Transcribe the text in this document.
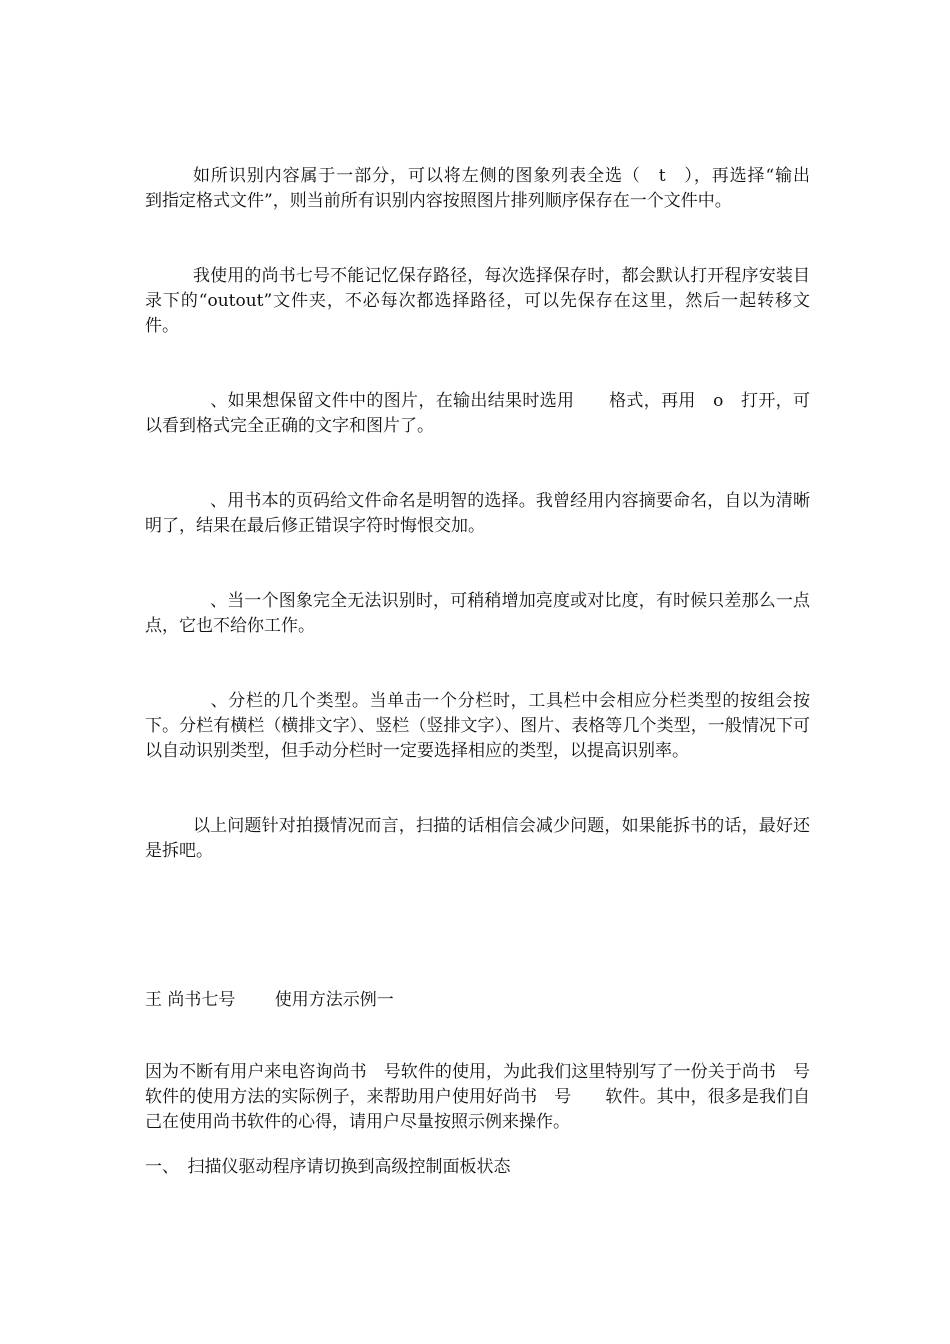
如所识别内容属于一部分，可以将左侧的图象列表全选（　t　），再选择“输出　到指定格式文件”，则当前所有识别内容按照图片排列顺序保存在一个文件中。

我使用的尚书七号不能记忆保存路径，每次选择保存时，都会默认打开程序安装目录下的“outout”文件夹，不必每次都选择路径，可以先保存在这里，然后一起转移文件。

　、如果想保留文件中的图片，在输出结果时选用　　格式，再用　o　打开，可以看到格式完全正确的文字和图片了。

　、用书本的页码给文件命名是明智的选择。我曾经用内容摘要命名，自以为清晰明了，结果在最后修正错误字符时悔恨交加。

　、当一个图象完全无法识别时，可稍稍增加亮度或对比度，有时候只差那么一点点，它也不给你工作。

　、分栏的几个类型。当单击一个分栏时，工具栏中会相应分栏类型的按组会按下。分栏有横栏（横排文字）、竖栏（竖排文字）、图片、表格等几个类型，一般情况下可以自动识别类型，但手动分栏时一定要选择相应的类型，以提高识别率。

以上问题针对拍摄情况而言，扫描的话相信会减少问题，如果能拆书的话，最好还是拆吧。

王 尚书七号　　 使用方法示例一

因为不断有用户来电咨询尚书　号软件的使用，为此我们这里特别写了一份关于尚书　号软件的使用方法的实际例子，来帮助用户使用好尚书　号　　软件。其中，很多是我们自己在使用尚书软件的心得，请用户尽量按照示例来操作。

一、　扫描仪驱动程序请切换到高级控制面板状态
